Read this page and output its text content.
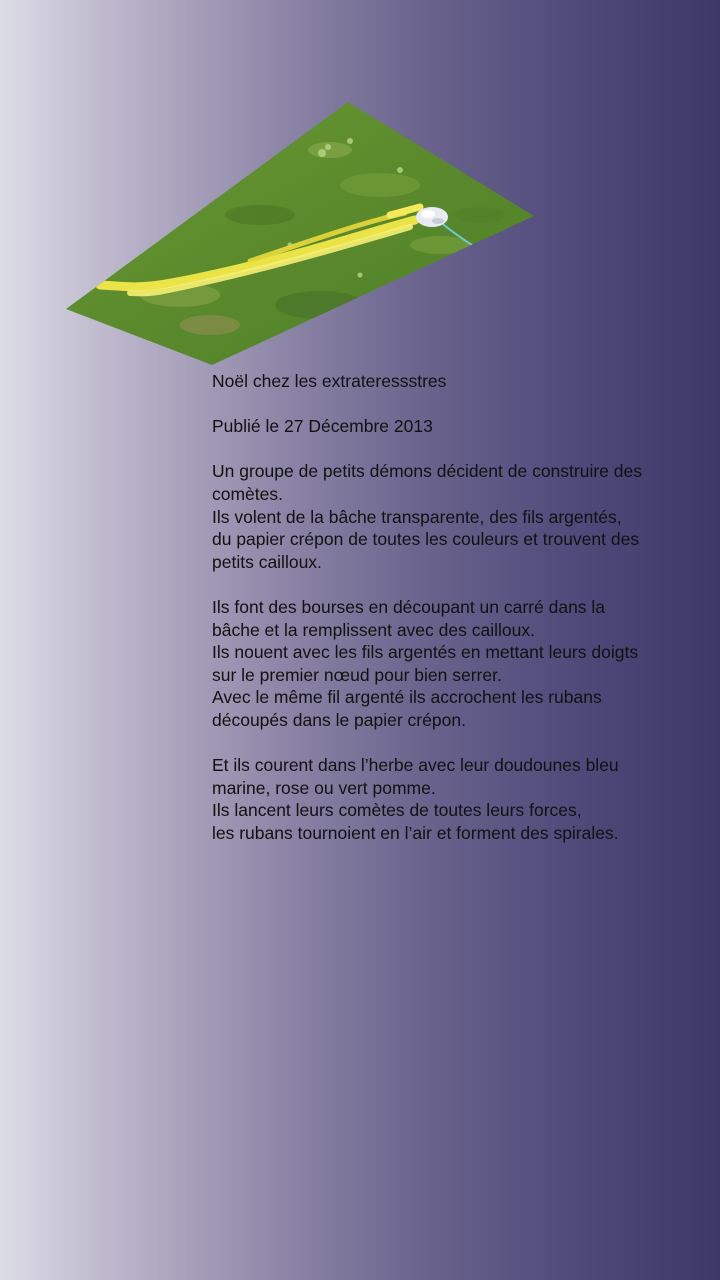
Noël chez les extrateressstres

Publié le 27 Décembre 2013

Un groupe de petits démons décident de construire des comètes.
Ils volent de la bâche transparente, des fils argentés,
du papier crépon de toutes les couleurs et trouvent des petits cailloux.

Ils font des bourses en découpant un carré dans la bâche et la remplissent avec des cailloux.
Ils nouent avec les fils argentés en mettant leurs doigts sur le premier nœud pour bien serrer.
Avec le même fil argenté ils accrochent les rubans découpés dans le papier crépon.

Et ils courent dans l’herbe avec leur doudounes bleu marine, rose ou vert pomme.
Ils lancent leurs comètes de toutes leurs forces,
les rubans tournoient en l’air et forment des spirales.
